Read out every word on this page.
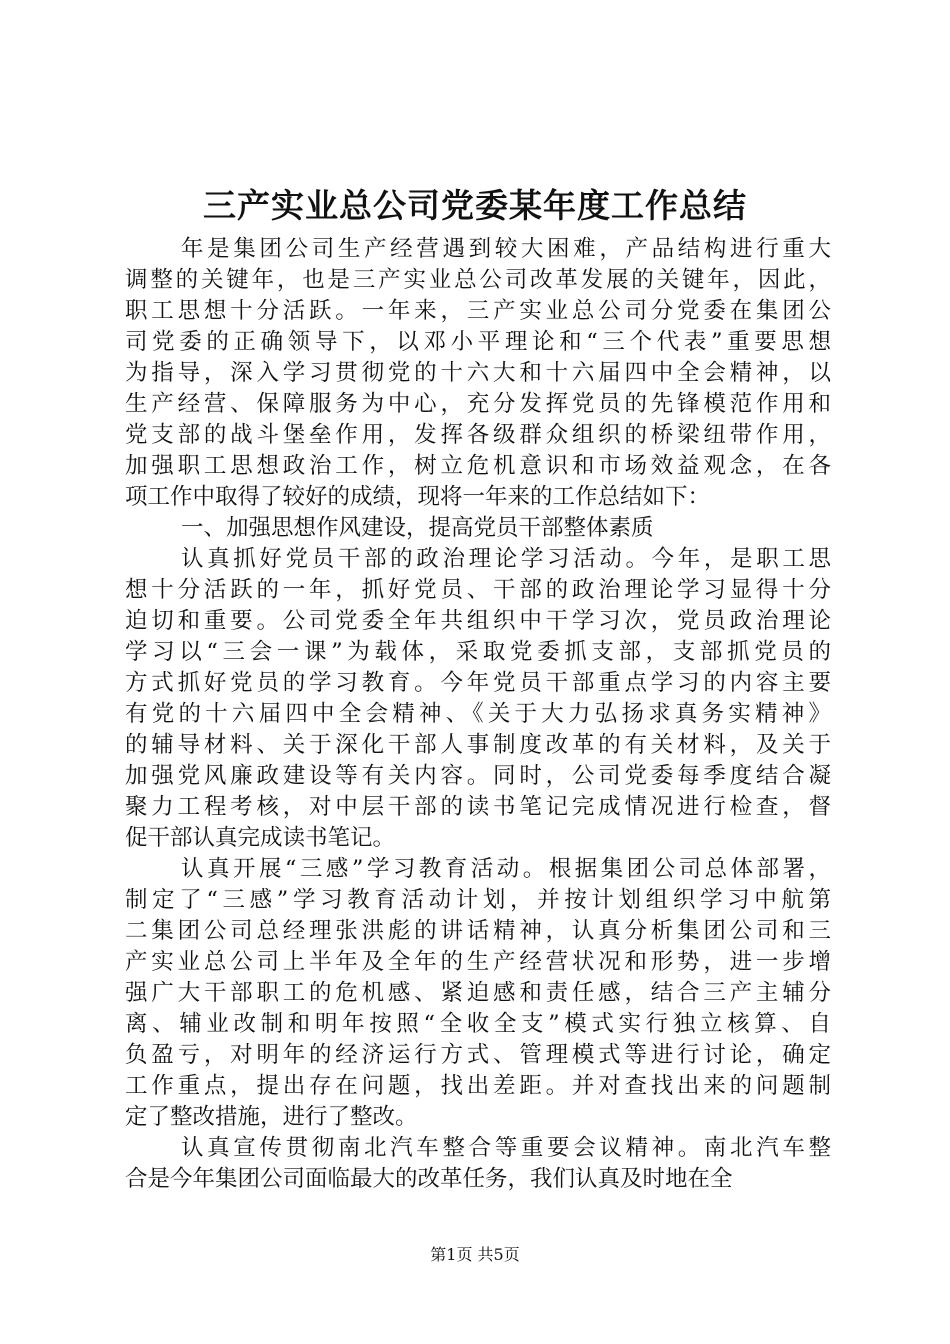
三产实业总公司党委某年度工作总结
年是集团公司生产经营遇到较大困难，产品结构进行重大
调整的关键年，也是三产实业总公司改革发展的关键年，因此，
职工思想十分活跃。一年来，三产实业总公司分党委在集团公
司党委的正确领导下，以邓小平理论和“三个代表”重要思想
为指导，深入学习贯彻党的十六大和十六届四中全会精神，以
生产经营、保障服务为中心，充分发挥党员的先锋模范作用和
党支部的战斗堡垒作用，发挥各级群众组织的桥梁纽带作用，
加强职工思想政治工作，树立危机意识和市场效益观念，在各
项工作中取得了较好的成绩，现将一年来的工作总结如下：
一、加强思想作风建设，提高党员干部整体素质
认真抓好党员干部的政治理论学习活动。今年，是职工思
想十分活跃的一年，抓好党员、干部的政治理论学习显得十分
迫切和重要。公司党委全年共组织中干学习次，党员政治理论
学习以“三会一课”为载体，采取党委抓支部，支部抓党员的
方式抓好党员的学习教育。今年党员干部重点学习的内容主要
有党的十六届四中全会精神、《关于大力弘扬求真务实精神》
的辅导材料、关于深化干部人事制度改革的有关材料，及关于
加强党风廉政建设等有关内容。同时，公司党委每季度结合凝
聚力工程考核，对中层干部的读书笔记完成情况进行检查，督
促干部认真完成读书笔记。
认真开展“三感”学习教育活动。根据集团公司总体部署，
制定了“三感”学习教育活动计划，并按计划组织学习中航第
二集团公司总经理张洪彪的讲话精神，认真分析集团公司和三
产实业总公司上半年及全年的生产经营状况和形势，进一步增
强广大干部职工的危机感、紧迫感和责任感，结合三产主辅分
离、辅业改制和明年按照“全收全支”模式实行独立核算、自
负盈亏，对明年的经济运行方式、管理模式等进行讨论，确定
工作重点，提出存在问题，找出差距。并对查找出来的问题制
定了整改措施，进行了整改。
认真宣传贯彻南北汽车整合等重要会议精神。南北汽车整
合是今年集团公司面临最大的改革任务，我们认真及时地在全
第1页 共5页
